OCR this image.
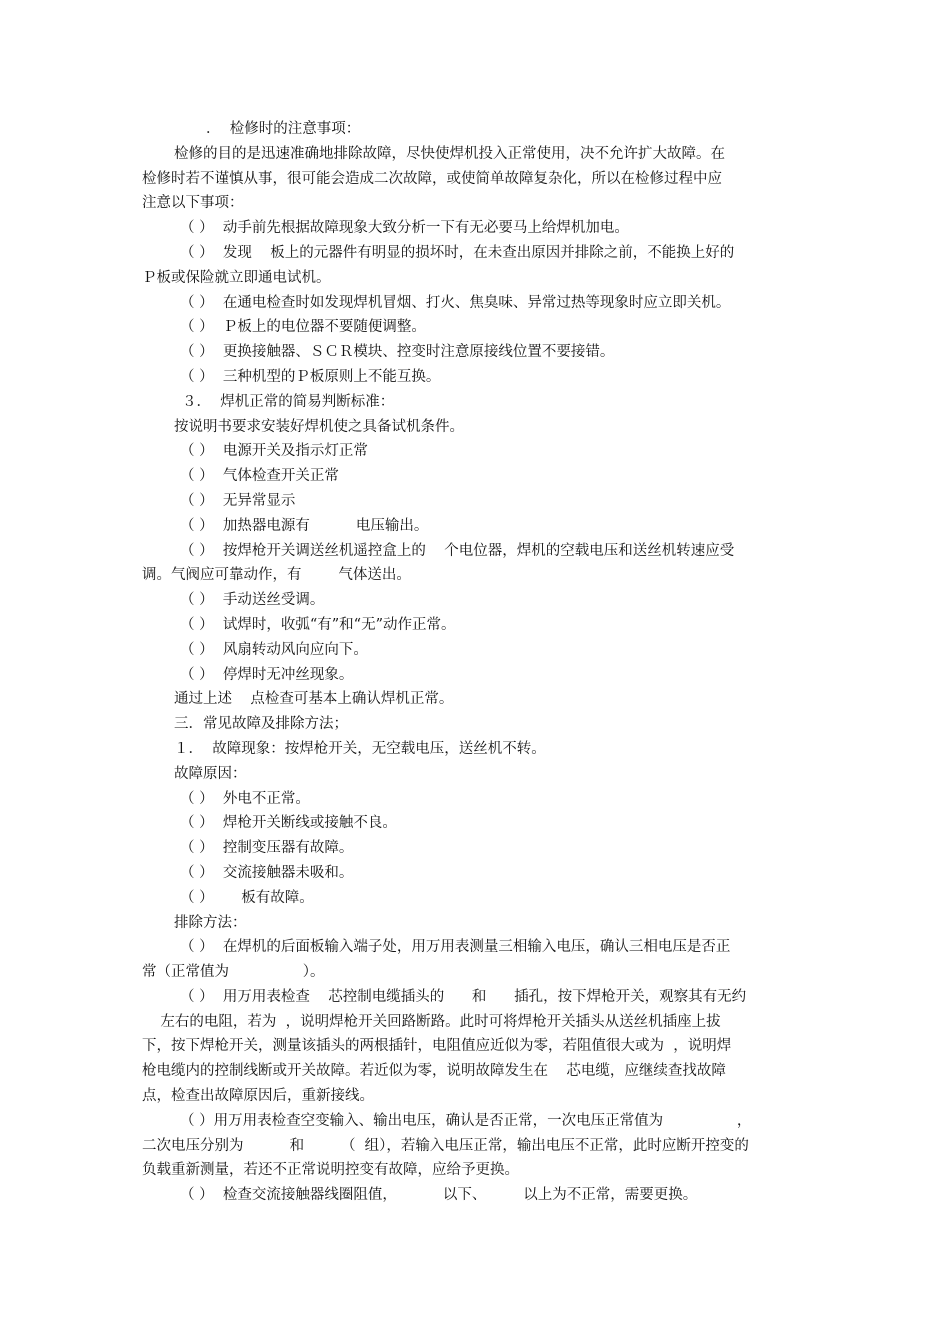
．  检修时的注意事项：
检修的目的是迅速准确地排除故障，尽快使焊机投入正常使用，决不允许扩大故障。在
检修时若不谨慎从事，很可能会造成二次故障，或使简单故障复杂化，所以在检修过程中应
注意以下事项：
（ ）  动手前先根据故障现象大致分析一下有无必要马上给焊机加电。
（ ）  发现    板上的元器件有明显的损坏时，在未查出原因并排除之前，不能换上好的
Ｐ板或保险就立即通电试机。
（ ）  在通电检查时如发现焊机冒烟、打火、焦臭味、异常过热等现象时应立即关机。
（ ）  Ｐ板上的电位器不要随便调整。
（ ）  更换接触器、ＳＣＲ模块、控变时注意原接线位置不要接错。
（ ）  三种机型的Ｐ板原则上不能互换。
３．  焊机正常的简易判断标准：
按说明书要求安装好焊机使之具备试机条件。
（ ）  电源开关及指示灯正常
（ ）  气体检查开关正常
（ ）  无异常显示
（ ）  加热器电源有          电压输出。
（ ）  按焊枪开关调送丝机遥控盒上的    个电位器，焊机的空载电压和送丝机转速应受
调。气阀应可靠动作，有        气体送出。
（ ）  手动送丝受调。
（ ）  试焊时，收弧“有”和“无”动作正常。
（ ）  风扇转动风向应向下。
（ ）  停焊时无冲丝现象。
通过上述    点检查可基本上确认焊机正常。
三．常见故障及排除方法；
１．  故障现象：按焊枪开关，无空载电压，送丝机不转。
故障原因：
（ ）  外电不正常。
（ ）  焊枪开关断线或接触不良。
（ ）  控制变压器有故障。
（ ）  交流接触器未吸和。
（ ）      板有故障。
排除方法：
（ ）  在焊机的后面板输入端子处，用万用表测量三相输入电压，确认三相电压是否正
常（正常值为                ）。
（ ）  用万用表检查    芯控制电缆插头的      和      插孔，按下焊枪开关，观察其有无约
左右的电阻，若为  ，说明焊枪开关回路断路。此时可将焊枪开关插头从送丝机插座上拔
下，按下焊枪开关，测量该插头的两根插针，电阻值应近似为零，若阻值很大或为  ，说明焊
枪电缆内的控制线断或开关故障。若近似为零，说明故障发生在    芯电缆，应继续查找故障
点，检查出故障原因后，重新接线。
（ ）用万用表检查空变输入、输出电压，确认是否正常，一次电压正常值为                ，
二次电压分别为          和        （  组），若输入电压正常，输出电压不正常，此时应断开控变的
负载重新测量，若还不正常说明控变有故障，应给予更换。
（ ）  检查交流接触器线圈阻值，          以下、        以上为不正常，需要更换。
